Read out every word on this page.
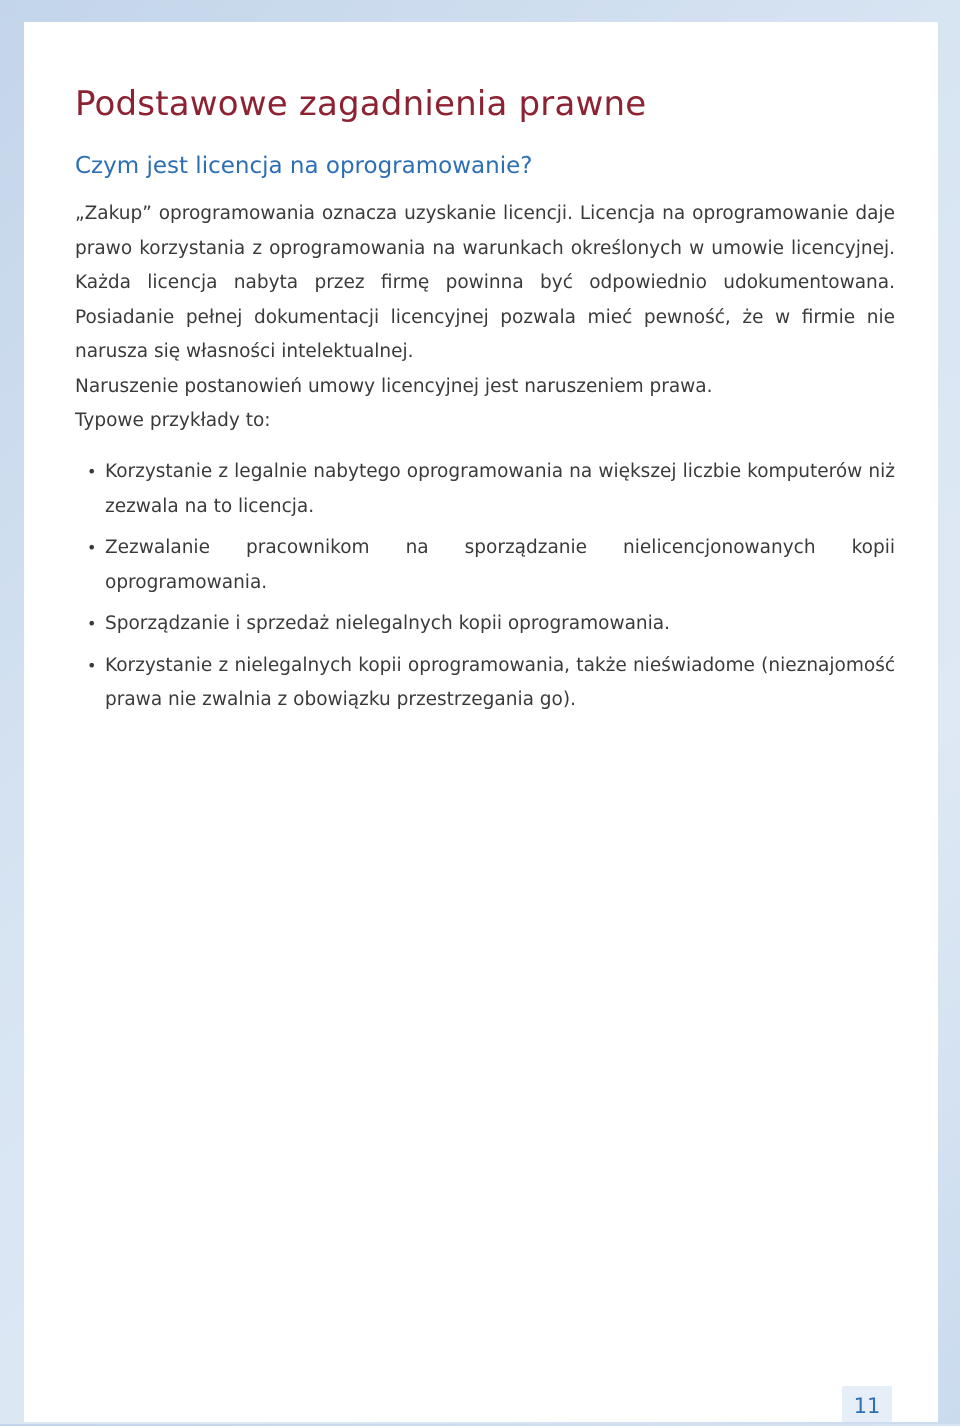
Podstawowe zagadnienia prawne
Czym jest licencja na oprogramowanie?

„Zakup” oprogramowania oznacza uzyskanie licencji. Licencja na oprogramowanie daje prawo korzystania z oprogramowania na warunkach określonych w umowie licencyjnej. Każda licencja nabyta przez firmę powinna być odpowiednio udokumentowana. Posiadanie pełnej dokumentacji licencyjnej pozwala mieć pewność, że w firmie nie narusza się własności intelektualnej.

Naruszenie postanowień umowy licencyjnej jest naruszeniem prawa.

Typowe przykłady to:

• Korzystanie z legalnie nabytego oprogramowania na większej liczbie komputerów niż zezwala na to licencja.
• Zezwalanie pracownikom na sporządzanie nielicencjonowanych kopii oprogramowania.
• Sporządzanie i sprzedaż nielegalnych kopii oprogramowania.
• Korzystanie z nielegalnych kopii oprogramowania, także nieświadome (nieznajomość prawa nie zwalnia z obowiązku przestrzegania go).
11
